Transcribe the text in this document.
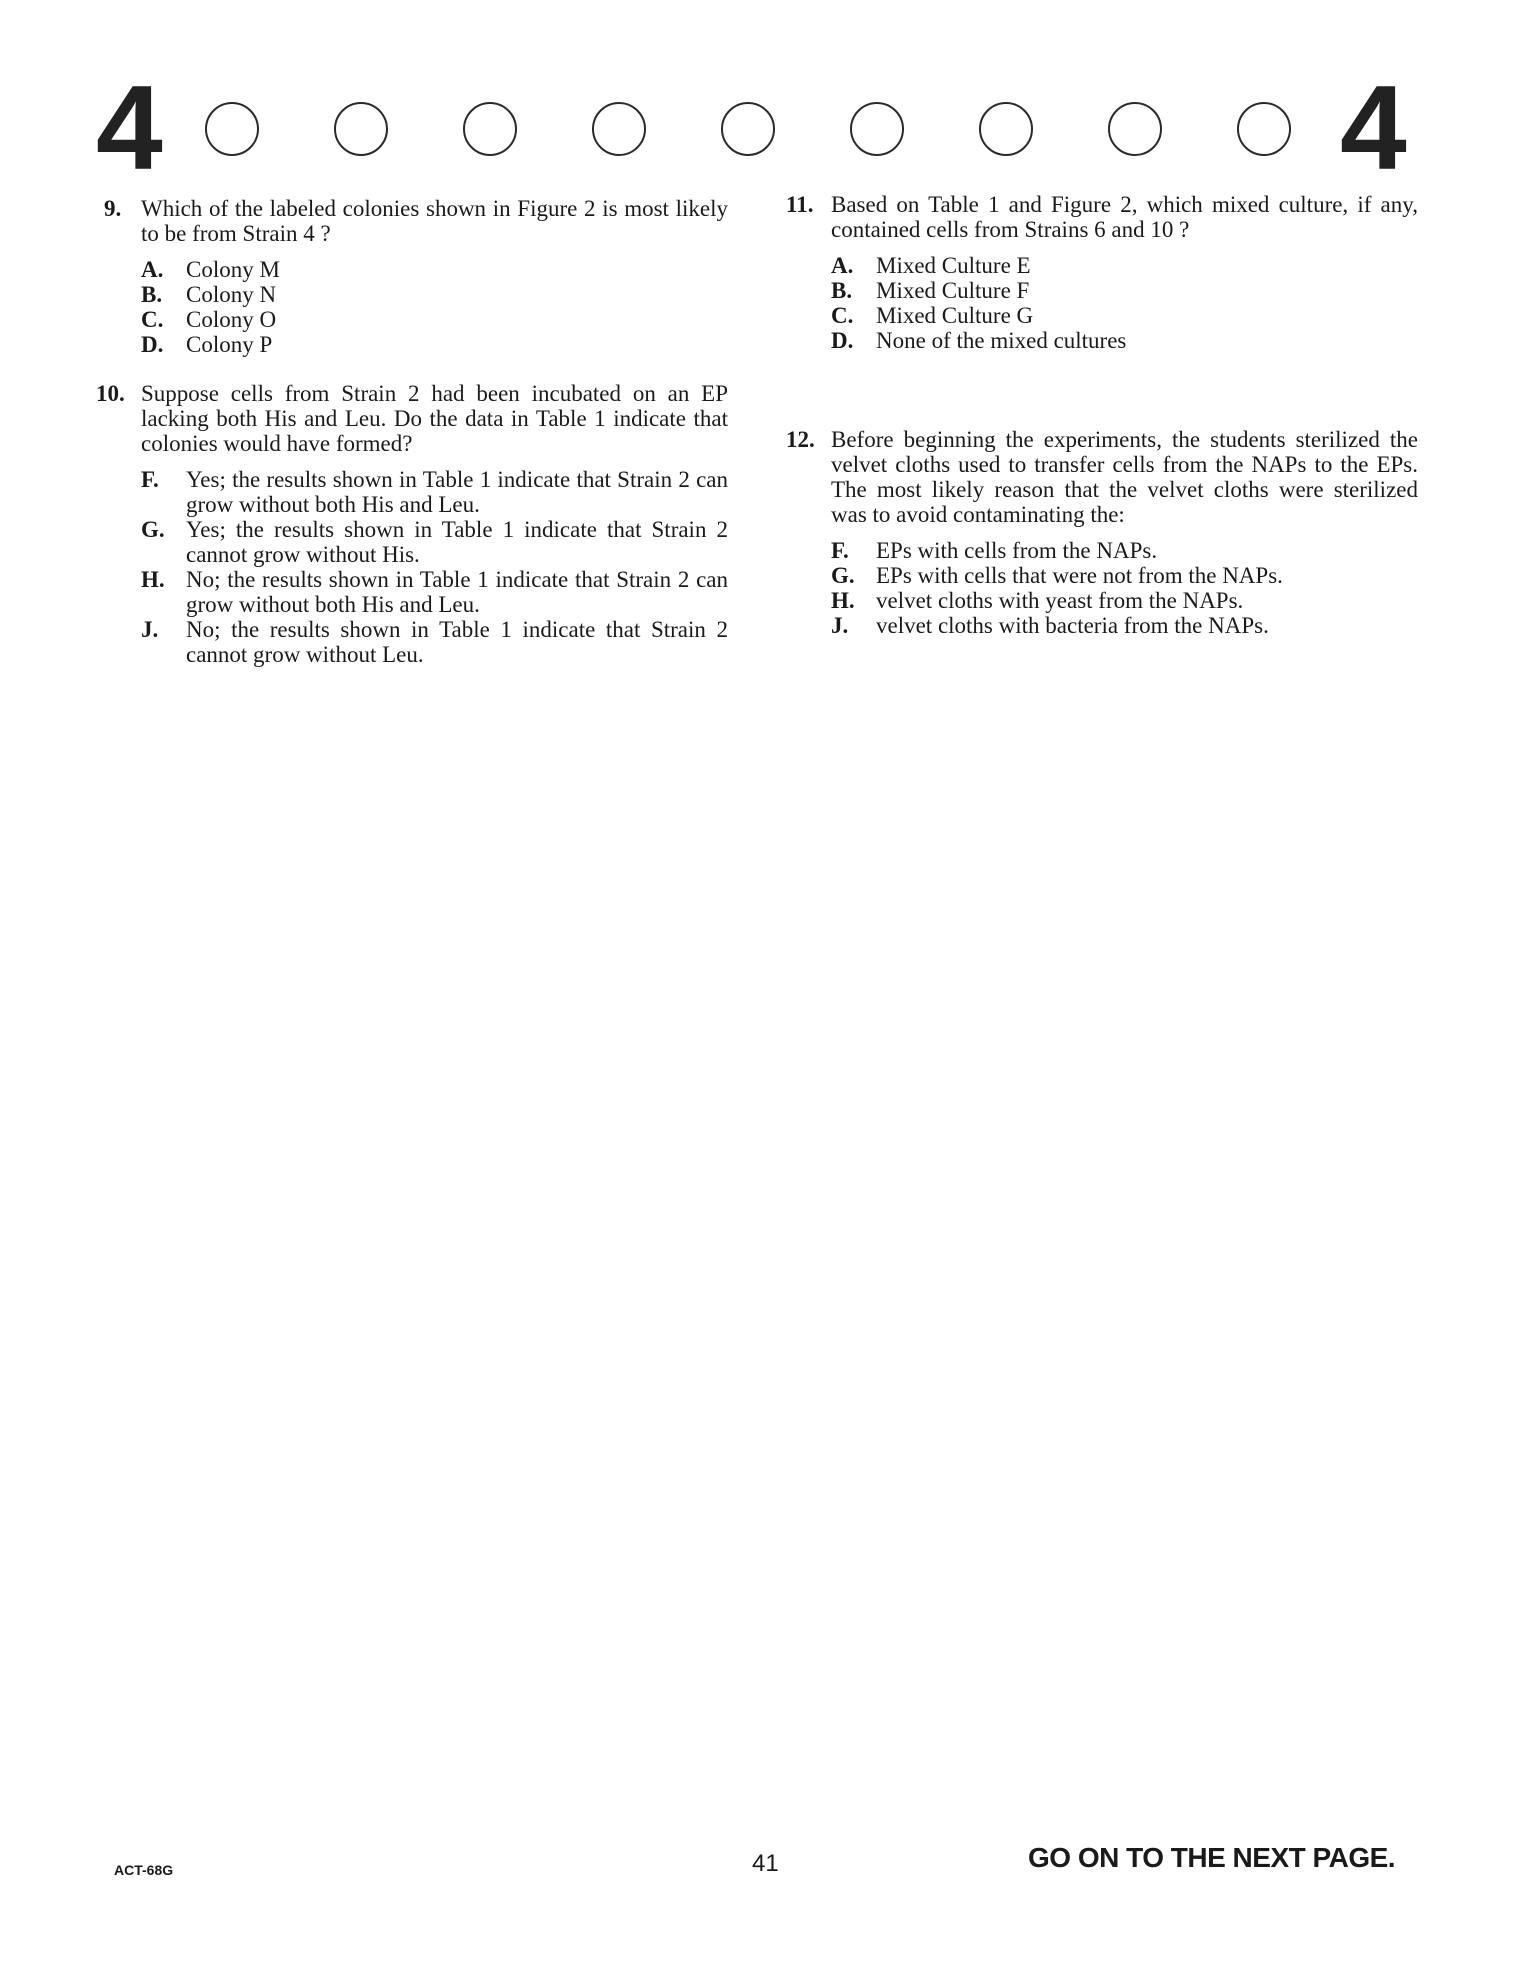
4	4
9. Which of the labeled colonies shown in Figure 2 is most likely to be from Strain 4 ?
A. Colony M
B.	Colony N
C. Colony O
D. Colony P
10. Suppose cells from Strain 2 had been incubated on an EP lacking both His and Leu. Do the data in Table 1 indicate that colonies would have formed?
F.	Yes; the results shown in Table 1 indicate that Strain 2 can grow without both His and Leu.
G. Yes; the results shown in Table 1 indicate that Strain 2 cannot grow without His.
H. No; the results shown in Table 1 indicate that Strain 2 can grow without both His and Leu.
J.	No; the results shown in Table 1 indicate that Strain 2 cannot grow without Leu.
11. Based on Table 1 and Figure 2, which mixed culture, if any, contained cells from Strains 6 and 10 ?
A. Mixed Culture E
B.	Mixed Culture F
C. Mixed Culture G
D. None of the mixed cultures
12. Before beginning the experiments, the students sterilized the velvet cloths used to transfer cells from the NAPs to the EPs. The most likely reason that the velvet cloths were sterilized was to avoid contaminating the:
F.	EPs with cells from the NAPs.
G. EPs with cells that were not from the NAPs.
H. velvet cloths with yeast from the NAPs.
J.	velvet cloths with bacteria from the NAPs.
ACT-68G	41	GO ON TO THE NEXT PAGE.
